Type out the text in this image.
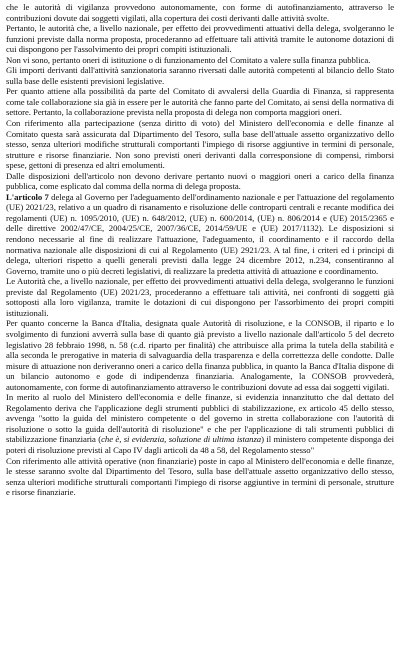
che le autorità di vigilanza provvedono autonomamente, con forme di autofinanziamento, attraverso le contribuzioni dovute dai soggetti vigilati, alla copertura dei costi derivanti dalle attività svolte.

Pertanto, le autorità che, a livello nazionale, per effetto dei provvedimenti attuativi della delega, svolgeranno le funzioni previste dalla norma proposta, procederanno ad effettuare tali attività tramite le autonome dotazioni di cui dispongono per l'assolvimento dei propri compiti istituzionali.

Non vi sono, pertanto oneri di istituzione o di funzionamento del Comitato a valere sulla finanza pubblica.

Gli importi derivanti dall'attività sanzionatoria saranno riversati dalle autorità competenti al bilancio dello Stato sulla base delle esistenti previsioni legislative.

Per quanto attiene alla possibilità da parte del Comitato di avvalersi della Guardia di Finanza, si rappresenta come tale collaborazione sia già in essere per le autorità che fanno parte del Comitato, ai sensi della normativa di settore. Pertanto, la collaborazione prevista nella proposta di delega non comporta maggiori oneri.

Con riferimento alla partecipazione (senza diritto di voto) del Ministero dell'economia e delle finanze al Comitato questa sarà assicurata dal Dipartimento del Tesoro, sulla base dell'attuale assetto organizzativo dello stesso, senza ulteriori modifiche strutturali comportanti l'impiego di risorse aggiuntive in termini di personale, strutture e risorse finanziarie. Non sono previsti oneri derivanti dalla corresponsione di compensi, rimborsi spese, gettoni di presenza ed altri emolumenti.

Dalle disposizioni dell'articolo non devono derivare pertanto nuovi o maggiori oneri a carico della finanza pubblica, come esplicato dal comma della norma di delega proposta.

L'articolo 7 delega al Governo per l'adeguamento dell'ordinamento nazionale e per l'attuazione del regolamento (UE) 2021/23, relativo a un quadro di risanamento e risoluzione delle controparti centrali e recante modifica dei regolamenti (UE) n. 1095/2010, (UE) n. 648/2012, (UE) n. 600/2014, (UE) n. 806/2014 e (UE) 2015/2365 e delle direttive 2002/47/CE, 2004/25/CE, 2007/36/CE, 2014/59/UE e (UE) 2017/1132). Le disposizioni si rendono necessarie al fine di realizzare l'attuazione, l'adeguamento, il coordinamento e il raccordo della normativa nazionale alle disposizioni di cui al Regolamento (UE) 2921/23. A tal fine, i criteri ed i principi di delega, ulteriori rispetto a quelli generali previsti dalla legge 24 dicembre 2012, n.234, consentiranno al Governo, tramite uno o più decreti legislativi, di realizzare la predetta attività di attuazione e coordinamento.

Le Autorità che, a livello nazionale, per effetto dei provvedimenti attuativi della delega, svolgeranno le funzioni previste dal Regolamento (UE) 2021/23, procederanno a effettuare tali attività, nei confronti di soggetti già sottoposti alla loro vigilanza, tramite le dotazioni di cui dispongono per l'assorbimento dei propri compiti istituzionali.

Per quanto concerne la Banca d'Italia, designata quale Autorità di risoluzione, e la CONSOB, il riparto e lo svolgimento di funzioni avverrà sulla base di quanto già previsto a livello nazionale dall'articolo 5 del decreto legislativo 28 febbraio 1998, n. 58 (c.d. riparto per finalità) che attribuisce alla prima la tutela della stabilità e alla seconda le prerogative in materia di salvaguardia della trasparenza e della correttezza delle condotte. Dalle misure di attuazione non deriveranno oneri a carico della finanza pubblica, in quanto la Banca d'Italia dispone di un bilancio autonomo e gode di indipendenza finanziaria. Analogamente, la CONSOB provvederà, autonomamente, con forme di autofinanziamento attraverso le contribuzioni dovute ad essa dai soggetti vigilati.

In merito al ruolo del Ministero dell'economia e delle finanze, si evidenzia innanzitutto che dal dettato del Regolamento deriva che l'applicazione degli strumenti pubblici di stabilizzazione, ex articolo 45 dello stesso, avvenga "sotto la guida del ministero competente o del governo in stretta collaborazione con l'autorità di risoluzione o sotto la guida dell'autorità di risoluzione" e che per l'applicazione di tali strumenti pubblici di stabilizzazione finanziaria (che è, si evidenzia, soluzione di ultima istanza) il ministero competente disponga dei poteri di risoluzione previsti al Capo IV dagli articoli da 48 a 58, del Regolamento stesso"

Con riferimento alle attività operative (non finanziarie) poste in capo al Ministero dell'economia e delle finanze, le stesse saranno svolte dal Dipartimento del Tesoro, sulla base dell'attuale assetto organizzativo dello stesso, senza ulteriori modifiche strutturali comportanti l'impiego di risorse aggiuntive in termini di personale, strutture e risorse finanziarie.
